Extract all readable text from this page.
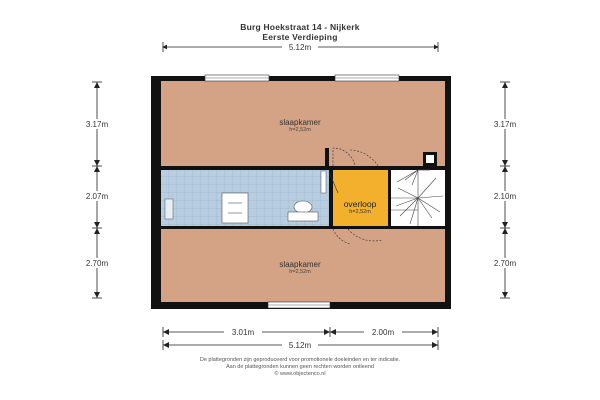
Burg Hoekstraat 14 - Nijkerk
Eerste Verdieping
5.12m
slaapkamer
h=2,52m
overloop
h=2,52m
slaapkamer
h=2,52m
3.17m
2.07m
2.70m
3.17m
2.10m
2.70m
3.01m	2.00m
5.12m
De plattegronden zijn geproduceerd voor promotionele doeleinden en ter indicatie.
Aan de plattegronden kunnen geen rechten worden ontleend
© www.objectenco.nl
